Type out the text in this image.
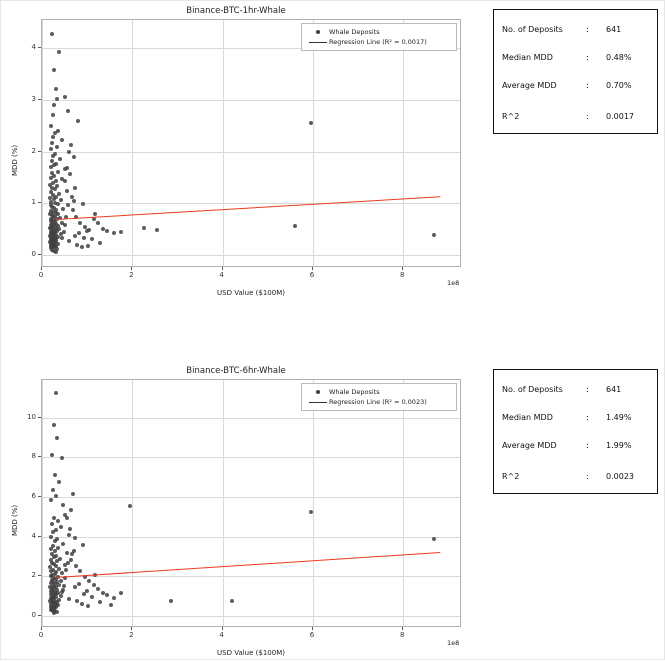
Binance-BTC-1hr-Whale
USD Value ($100M)
MDD (%)
1e8
Whale Deposits
Regression Line (R² = 0.0017)
No. of Deposits	:	641
Median MDD	:	0.48%
Average MDD	:	0.70%
R^2	:	0.0017
0	2	4	6	8
0
1
2
3
4
Binance-BTC-6hr-Whale
USD Value ($100M)
MDD (%)
1e8
Whale Deposits
Regression Line (R² = 0.0023)
No. of Deposits	:	641
Median MDD	:	1.49%
Average MDD	:	1.99%
R^2	:	0.0023
0	2	4	6	8
0
2
4
6
8
10
